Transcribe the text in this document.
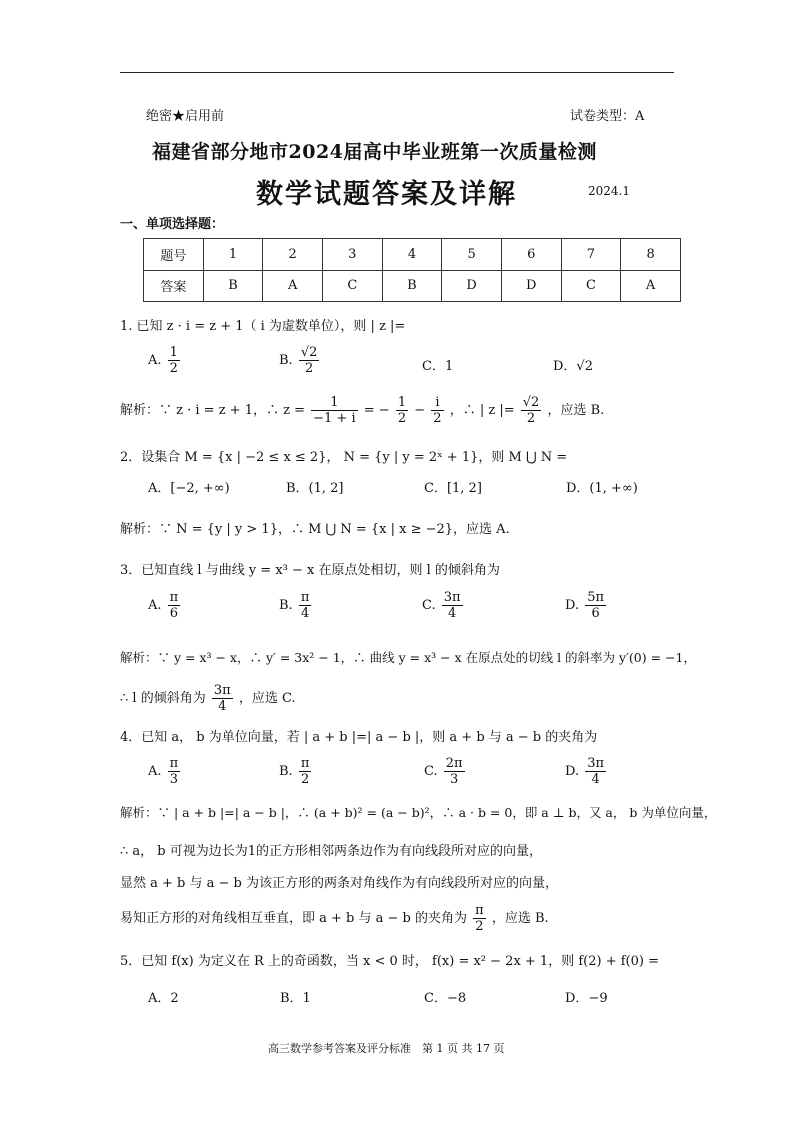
绝密★启用前	试卷类型：A
福建省部分地市2024届高中毕业班第一次质量检测
数学试题答案及详解	2024.1
一、单项选择题：
题号	1	2	3	4	5	6	7	8
答案	B	A	C	B	D	D	C	A
1. 已知 z · i = z + 1（ i 为虚数单位），则 | z |=
A. $\frac{1}{2}$	B. $\frac{√2}{2}$	C．1	D．√2
解析：∵ z · i = z + 1，∴ $z = \frac{1}{-1 + i}$ = − $\frac{1}{2} - \frac{i}{2}$ ，∴ | z |= $\frac{√2}{2}$ ，应选 B.
2．设集合 M = {x | −2 ≤ x ≤ 2}， N = {y | y = 2ˣ + 1}，则 M ⋃ N =
A．[−2, +∞)	B．(1, 2]	C．[1, 2]	D．(1, +∞)
解析：∵ N = {y | y > 1}，∴ M ⋃ N = {x | x ≥ −2}，应选 A.
3．已知直线 l 与曲线 y = x³ − x 在原点处相切，则 l 的倾斜角为
A. $\frac{\pi}{6}$	B. $\frac{\pi}{4}$	C. $\frac{3\pi}{4}$	D. $\frac{5\pi}{6}$
解析：∵ y = x³ − x，∴ y′ = 3x² − 1，∴ 曲线 y = x³ − x 在原点处的切线 l 的斜率为 y′(0) = −1，
∴ l 的倾斜角为 $\frac{3\pi}{4}$ ，应选 C.
4．已知 a， b 为单位向量，若 | a + b |=| a − b |，则 a + b 与 a − b 的夹角为
A. $\frac{\pi}{3}$	B. $\frac{\pi}{2}$	C. $\frac{2\pi}{3}$	D. $\frac{3\pi}{4}$
解析：∵ | a + b |=| a − b |，∴ (a + b)² = (a − b)²，∴ a · b = 0，即 a ⊥ b，又 a， b 为单位向量，
∴ a， b 可视为边长为1的正方形相邻两条边作为有向线段所对应的向量，
显然 a + b 与 a − b 为该正方形的两条对角线作为有向线段所对应的向量，
易知正方形的对角线相互垂直，即 a + b 与 a − b 的夹角为 $\frac{\pi}{2}$ ，应选 B.
5．已知 f(x) 为定义在 R 上的奇函数，当 x < 0 时， f(x) = x² − 2x + 1，则 f(2) + f(0) =
A．2	B．1	C．−8	D．−9
高三数学参考答案及评分标准　第 1 页 共 17 页
